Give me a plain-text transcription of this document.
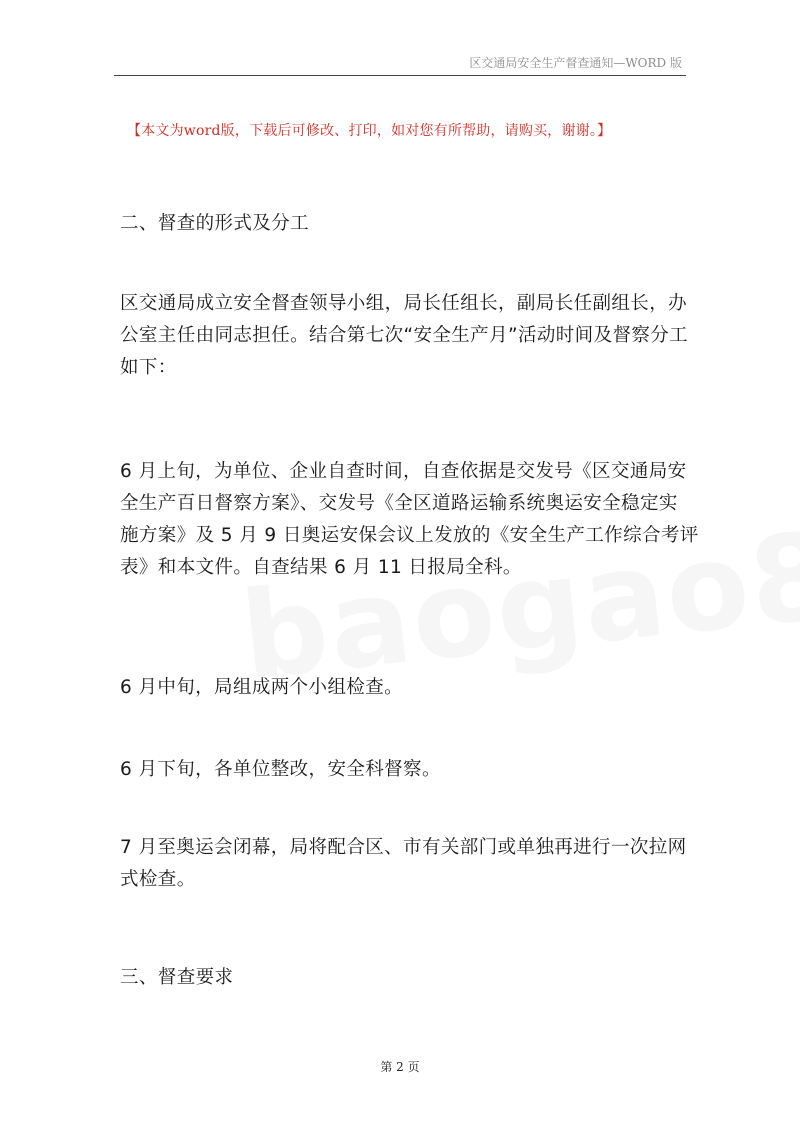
区交通局安全生产督查通知—WORD 版
【本文为word版，下载后可修改、打印，如对您有所帮助，请购买，谢谢。】
二、督查的形式及分工
区交通局成立安全督查领导小组，局长任组长，副局长任副组长，办
公室主任由同志担任。结合第七次“安全生产月”活动时间及督察分工
如下：
6 月上旬，为单位、企业自查时间，自查依据是交发号《区交通局安
全生产百日督察方案》、交发号《全区道路运输系统奥运安全稳定实
施方案》及 5 月 9 日奥运安保会议上发放的《安全生产工作综合考评
表》和本文件。自查结果 6 月 11 日报局全科。
6 月中旬，局组成两个小组检查。
6 月下旬，各单位整改，安全科督察。
7 月至奥运会闭幕，局将配合区、市有关部门或单独再进行一次拉网
式检查。
三、督查要求
第 2 页
